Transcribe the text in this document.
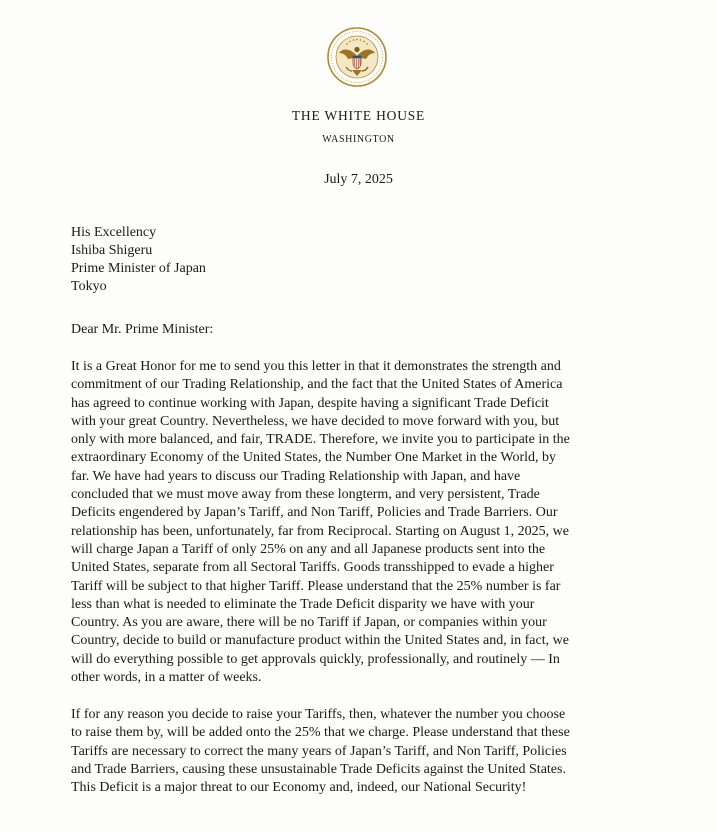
THE WHITE HOUSE
WASHINGTON
July 7, 2025
His Excellency
Ishiba Shigeru
Prime Minister of Japan
Tokyo
Dear Mr. Prime Minister:
It is a Great Honor for me to send you this letter in that it demonstrates the strength and
commitment of our Trading Relationship, and the fact that the United States of America
has agreed to continue working with Japan, despite having a significant Trade Deficit
with your great Country. Nevertheless, we have decided to move forward with you, but
only with more balanced, and fair, TRADE. Therefore, we invite you to participate in the
extraordinary Economy of the United States, the Number One Market in the World, by
far. We have had years to discuss our Trading Relationship with Japan, and have
concluded that we must move away from these longterm, and very persistent, Trade
Deficits engendered by Japan’s Tariff, and Non Tariff, Policies and Trade Barriers. Our
relationship has been, unfortunately, far from Reciprocal. Starting on August 1, 2025, we
will charge Japan a Tariff of only 25% on any and all Japanese products sent into the
United States, separate from all Sectoral Tariffs. Goods transshipped to evade a higher
Tariff will be subject to that higher Tariff. Please understand that the 25% number is far
less than what is needed to eliminate the Trade Deficit disparity we have with your
Country. As you are aware, there will be no Tariff if Japan, or companies within your
Country, decide to build or manufacture product within the United States and, in fact, we
will do everything possible to get approvals quickly, professionally, and routinely — In
other words, in a matter of weeks.
If for any reason you decide to raise your Tariffs, then, whatever the number you choose
to raise them by, will be added onto the 25% that we charge. Please understand that these
Tariffs are necessary to correct the many years of Japan’s Tariff, and Non Tariff, Policies
and Trade Barriers, causing these unsustainable Trade Deficits against the United States.
This Deficit is a major threat to our Economy and, indeed, our National Security!
